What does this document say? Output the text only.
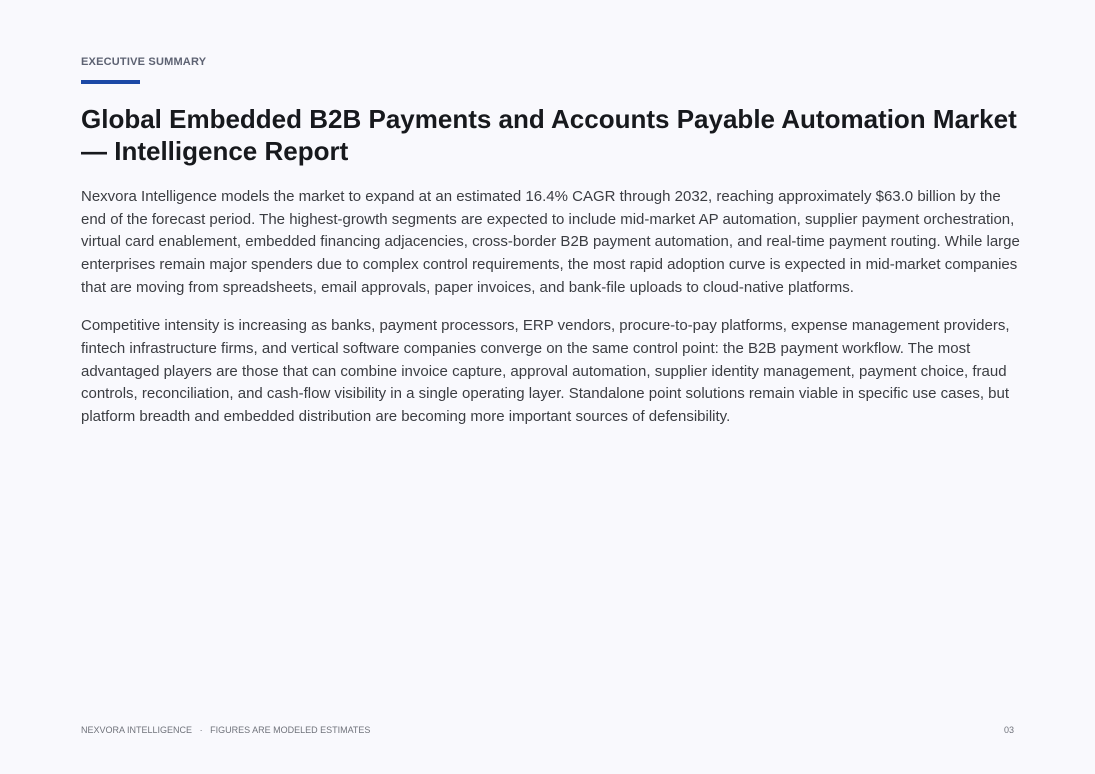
EXECUTIVE SUMMARY
Global Embedded B2B Payments and Accounts Payable Automation Market — Intelligence Report

Nexvora Intelligence models the market to expand at an estimated 16.4% CAGR through 2032, reaching approximately $63.0 billion by the end of the forecast period. The highest-growth segments are expected to include mid-market AP automation, supplier payment orchestration, virtual card enablement, embedded financing adjacencies, cross-border B2B payment automation, and real-time payment routing. While large enterprises remain major spenders due to complex control requirements, the most rapid adoption curve is expected in mid-market companies that are moving from spreadsheets, email approvals, paper invoices, and bank-file uploads to cloud-native platforms.

Competitive intensity is increasing as banks, payment processors, ERP vendors, procure-to-pay platforms, expense management providers, fintech infrastructure firms, and vertical software companies converge on the same control point: the B2B payment workflow. The most advantaged players are those that can combine invoice capture, approval automation, supplier identity management, payment choice, fraud controls, reconciliation, and cash-flow visibility in a single operating layer. Standalone point solutions remain viable in specific use cases, but platform breadth and embedded distribution are becoming more important sources of defensibility.

NEXVORA INTELLIGENCE · FIGURES ARE MODELED ESTIMATES	03
